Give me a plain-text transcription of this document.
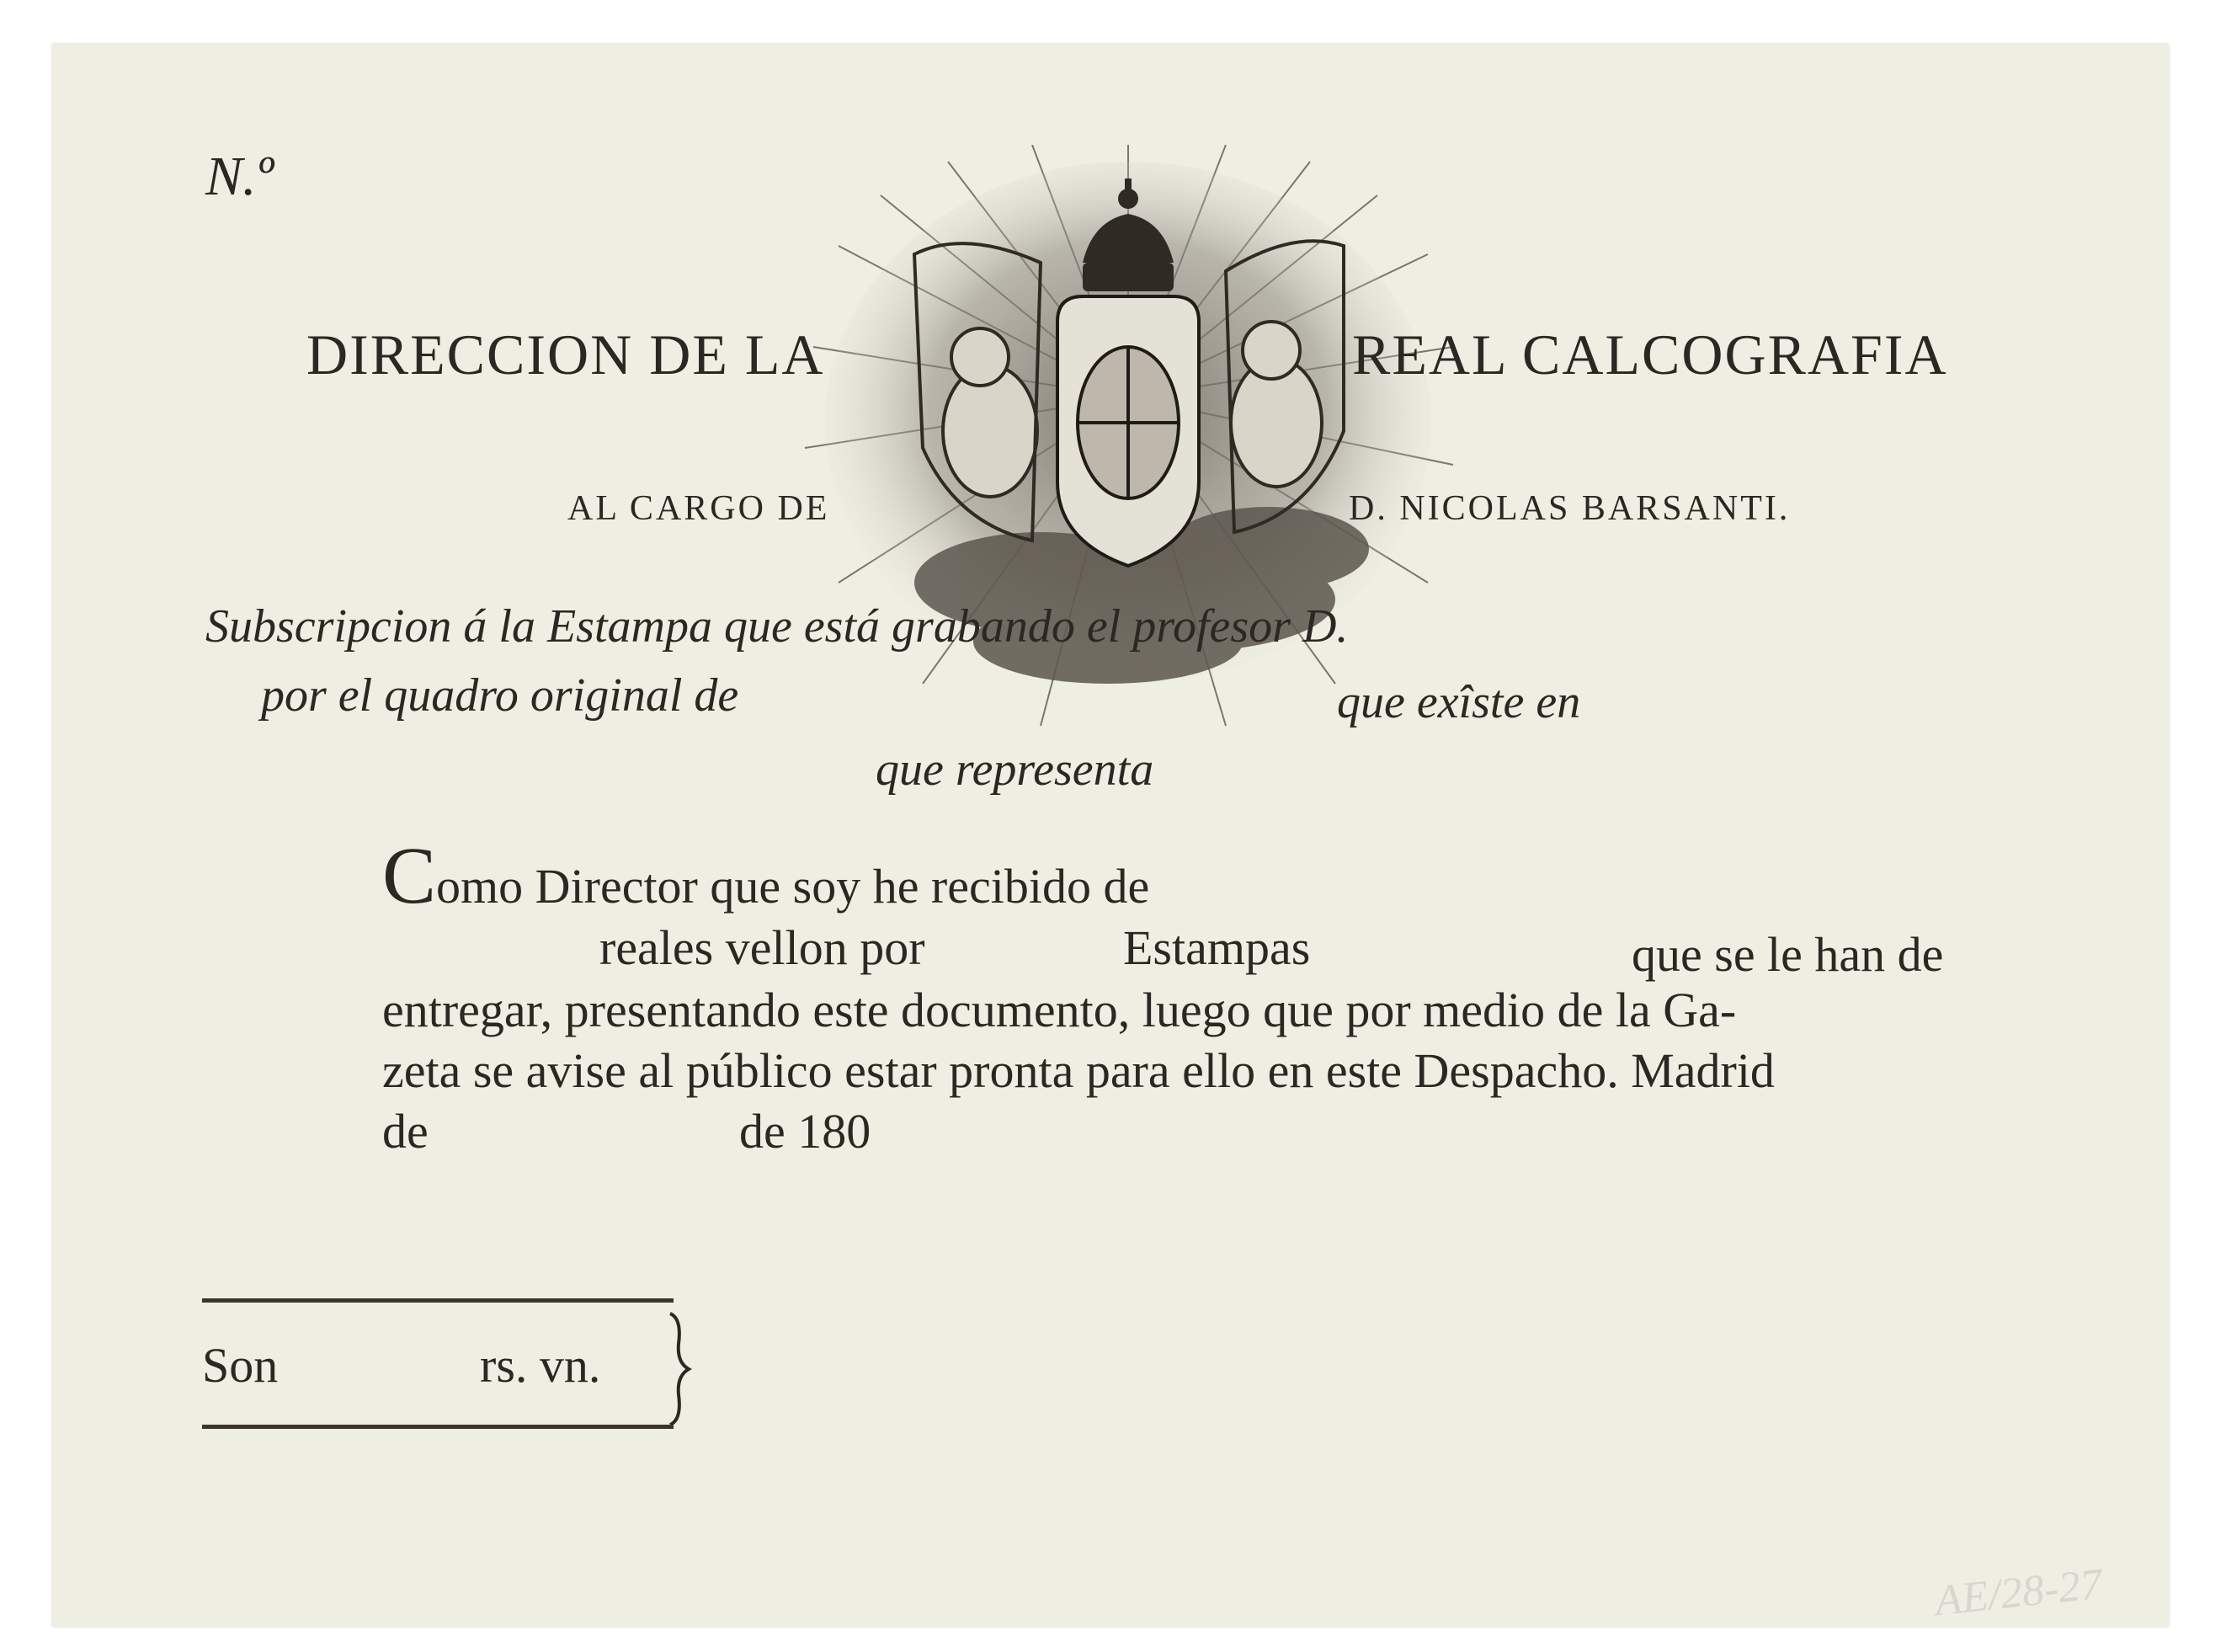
N.º
DIRECCION DE LA	REAL CALCOGRAFIA
AL CARGO DE	D. NICOLAS BARSANTI.
Subscripcion á la Estampa que está grabando el profesor D.
por el quadro original de	que exîste en
que representa
Como Director que soy he recibido de
reales vellon por	Estampas	que se le han de
entregar, presentando este documento, luego que por medio de la Ga-
zeta se avise al público estar pronta para ello en este Despacho. Madrid
de	de 180
Son	rs. vn.
AE/28-27
